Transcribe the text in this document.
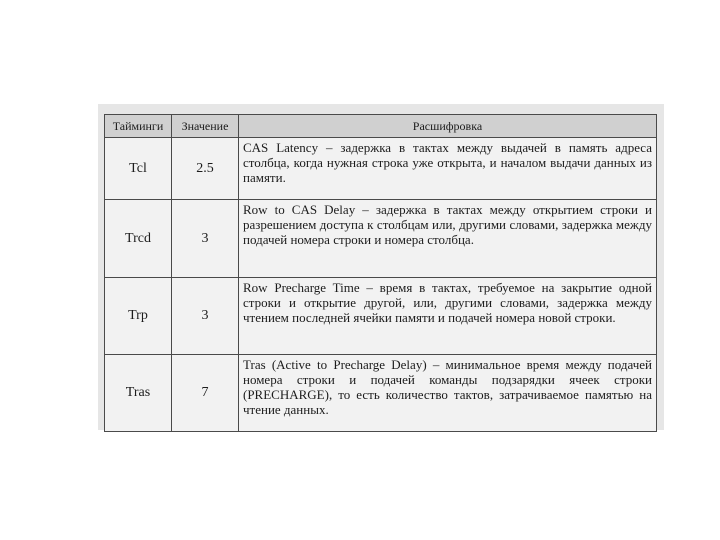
Тайминги	Значение	Расшифровка
Tcl	2.5	CAS Latency – задержка в тактах между выдачей в память адреса столбца, когда нужная строка уже открыта, и началом выдачи данных из памяти.
Trcd	3	Row to CAS Delay – задержка в тактах между открытием строки и разрешением доступа к столбцам или, другими словами, задержка между подачей номера строки и номера столбца.
Trp	3	Row Precharge Time – время в тактах, требуемое на закрытие одной строки и открытие другой, или, другими словами, задержка между чтением последней ячейки памяти и подачей номера новой строки.
Tras	7	Tras (Active to Precharge Delay) – минимальное время между подачей номера строки и подачей команды подзарядки ячеек строки (PRECHARGE), то есть количество тактов, затрачиваемое памятью на чтение данных.
